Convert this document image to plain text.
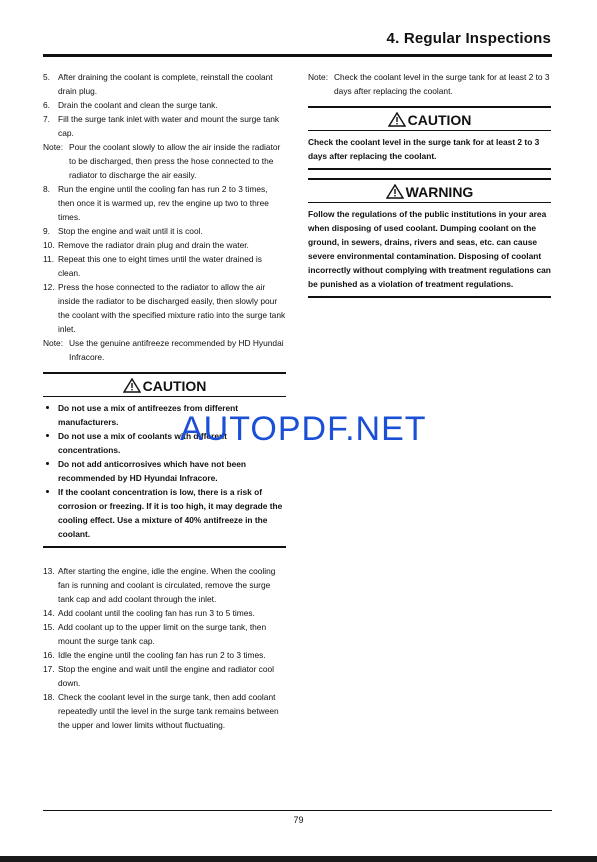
4. Regular Inspections
5. After draining the coolant is complete, reinstall the coolant drain plug.
6. Drain the coolant and clean the surge tank.
7. Fill the surge tank inlet with water and mount the surge tank cap.
Note: Pour the coolant slowly to allow the air inside the radiator to be discharged, then press the hose connected to the radiator to discharge the air easily.
8. Run the engine until the cooling fan has run 2 to 3 times, then once it is warmed up, rev the engine up two to three times.
9. Stop the engine and wait until it is cool.
10. Remove the radiator drain plug and drain the water.
11. Repeat this one to eight times until the water drained is clean.
12. Press the hose connected to the radiator to allow the air inside the radiator to be discharged easily, then slowly pour the coolant with the specified mixture ratio into the surge tank inlet.
Note: Use the genuine antifreeze recommended by HD Hyundai Infracore.
CAUTION
Do not use a mix of antifreezes from different manufacturers.
Do not use a mix of coolants with different concentrations.
Do not add anticorrosives which have not been recommended by HD Hyundai Infracore.
If the coolant concentration is low, there is a risk of corrosion or freezing. If it is too high, it may degrade the cooling effect. Use a mixture of 40% antifreeze in the coolant.
13. After starting the engine, idle the engine. When the cooling fan is running and coolant is circulated, remove the surge tank cap and add coolant through the inlet.
14. Add coolant until the cooling fan has run 3 to 5 times.
15. Add coolant up to the upper limit on the surge tank, then mount the surge tank cap.
16. Idle the engine until the cooling fan has run 2 to 3 times.
17. Stop the engine and wait until the engine and radiator cool down.
18. Check the coolant level in the surge tank, then add coolant repeatedly until the level in the surge tank remains between the upper and lower limits without fluctuating.
Note: Check the coolant level in the surge tank for at least 2 to 3 days after replacing the coolant.
CAUTION
Check the coolant level in the surge tank for at least 2 to 3 days after replacing the coolant.
WARNING
Follow the regulations of the public institutions in your area when disposing of used coolant. Dumping coolant on the ground, in sewers, drains, rivers and seas, etc. can cause severe environmental contamination. Disposing of coolant incorrectly without complying with treatment regulations can be punished as a violation of treatment regulations.
AUTOPDF.NET
79
